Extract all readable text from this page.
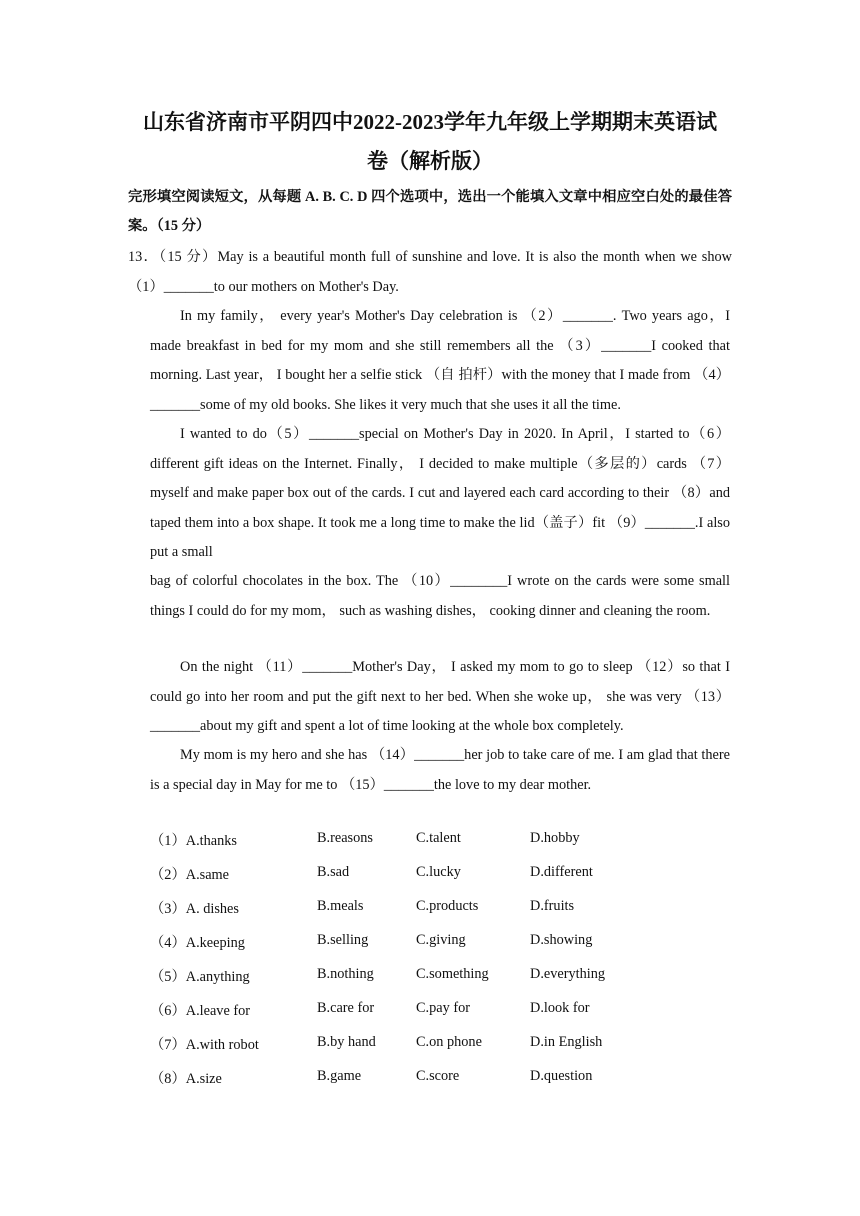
山东省济南市平阴四中2022-2023学年九年级上学期期末英语试
卷（解析版）
完形填空阅读短文，从每题 A. B. C. D 四个选项中，选出一个能填入文章中相应空白处的最佳答案。（15 分）
13．（15 分）May is a beautiful month full of sunshine and love. It is also the month when we show （1）_______to our mothers on Mother's Day.
In my family， every year's Mother's Day celebration is （2）_______. Two years ago，I made breakfast in bed for my mom and she still remembers all the （3）_______I cooked that morning. Last year， I bought her a selfie stick （自 拍杆）with the money that I made from （4）_______some of my old books. She likes it very much that she uses it all the time.
I wanted to do（5）_______special on Mother's Day in 2020. In April，I started to（6）different gift ideas on the Internet. Finally， I decided to make multiple（多层的）cards （7）myself and make paper box out of the cards. I cut and layered each card according to their （8）and taped them into a box shape. It took me a long time to make the lid（盖子）fit （9）_______.I also put a small
bag of colorful chocolates in the box. The （10）________I wrote on the cards were some small things I could do for my mom， such as washing dishes， cooking dinner and cleaning the room.
On the night （11）_______Mother's Day， I asked my mom to go to sleep （12）so that I could go into her room and put the gift next to her bed. When she woke up， she was very （13）_______about my gift and spent a lot of time looking at the whole box completely.
My mom is my hero and she has （14）_______her job to take care of me. I am glad that there is a special day in May for me to （15）_______the love to my dear mother.
（1）A.thanks	B.reasons	C.talent	D.hobby
（2）A.same	B.sad	C.lucky	D.different
（3）A. dishes	B.meals	C.products	D.fruits
（4）A.keeping	B.selling	C.giving	D.showing
（5）A.anything	B.nothing	C.something	D.everything
（6）A.leave for	B.care for	C.pay for	D.look for
（7）A.with robot	B.by hand	C.on phone	D.in English
（8）A.size	B.game	C.score	D.question
